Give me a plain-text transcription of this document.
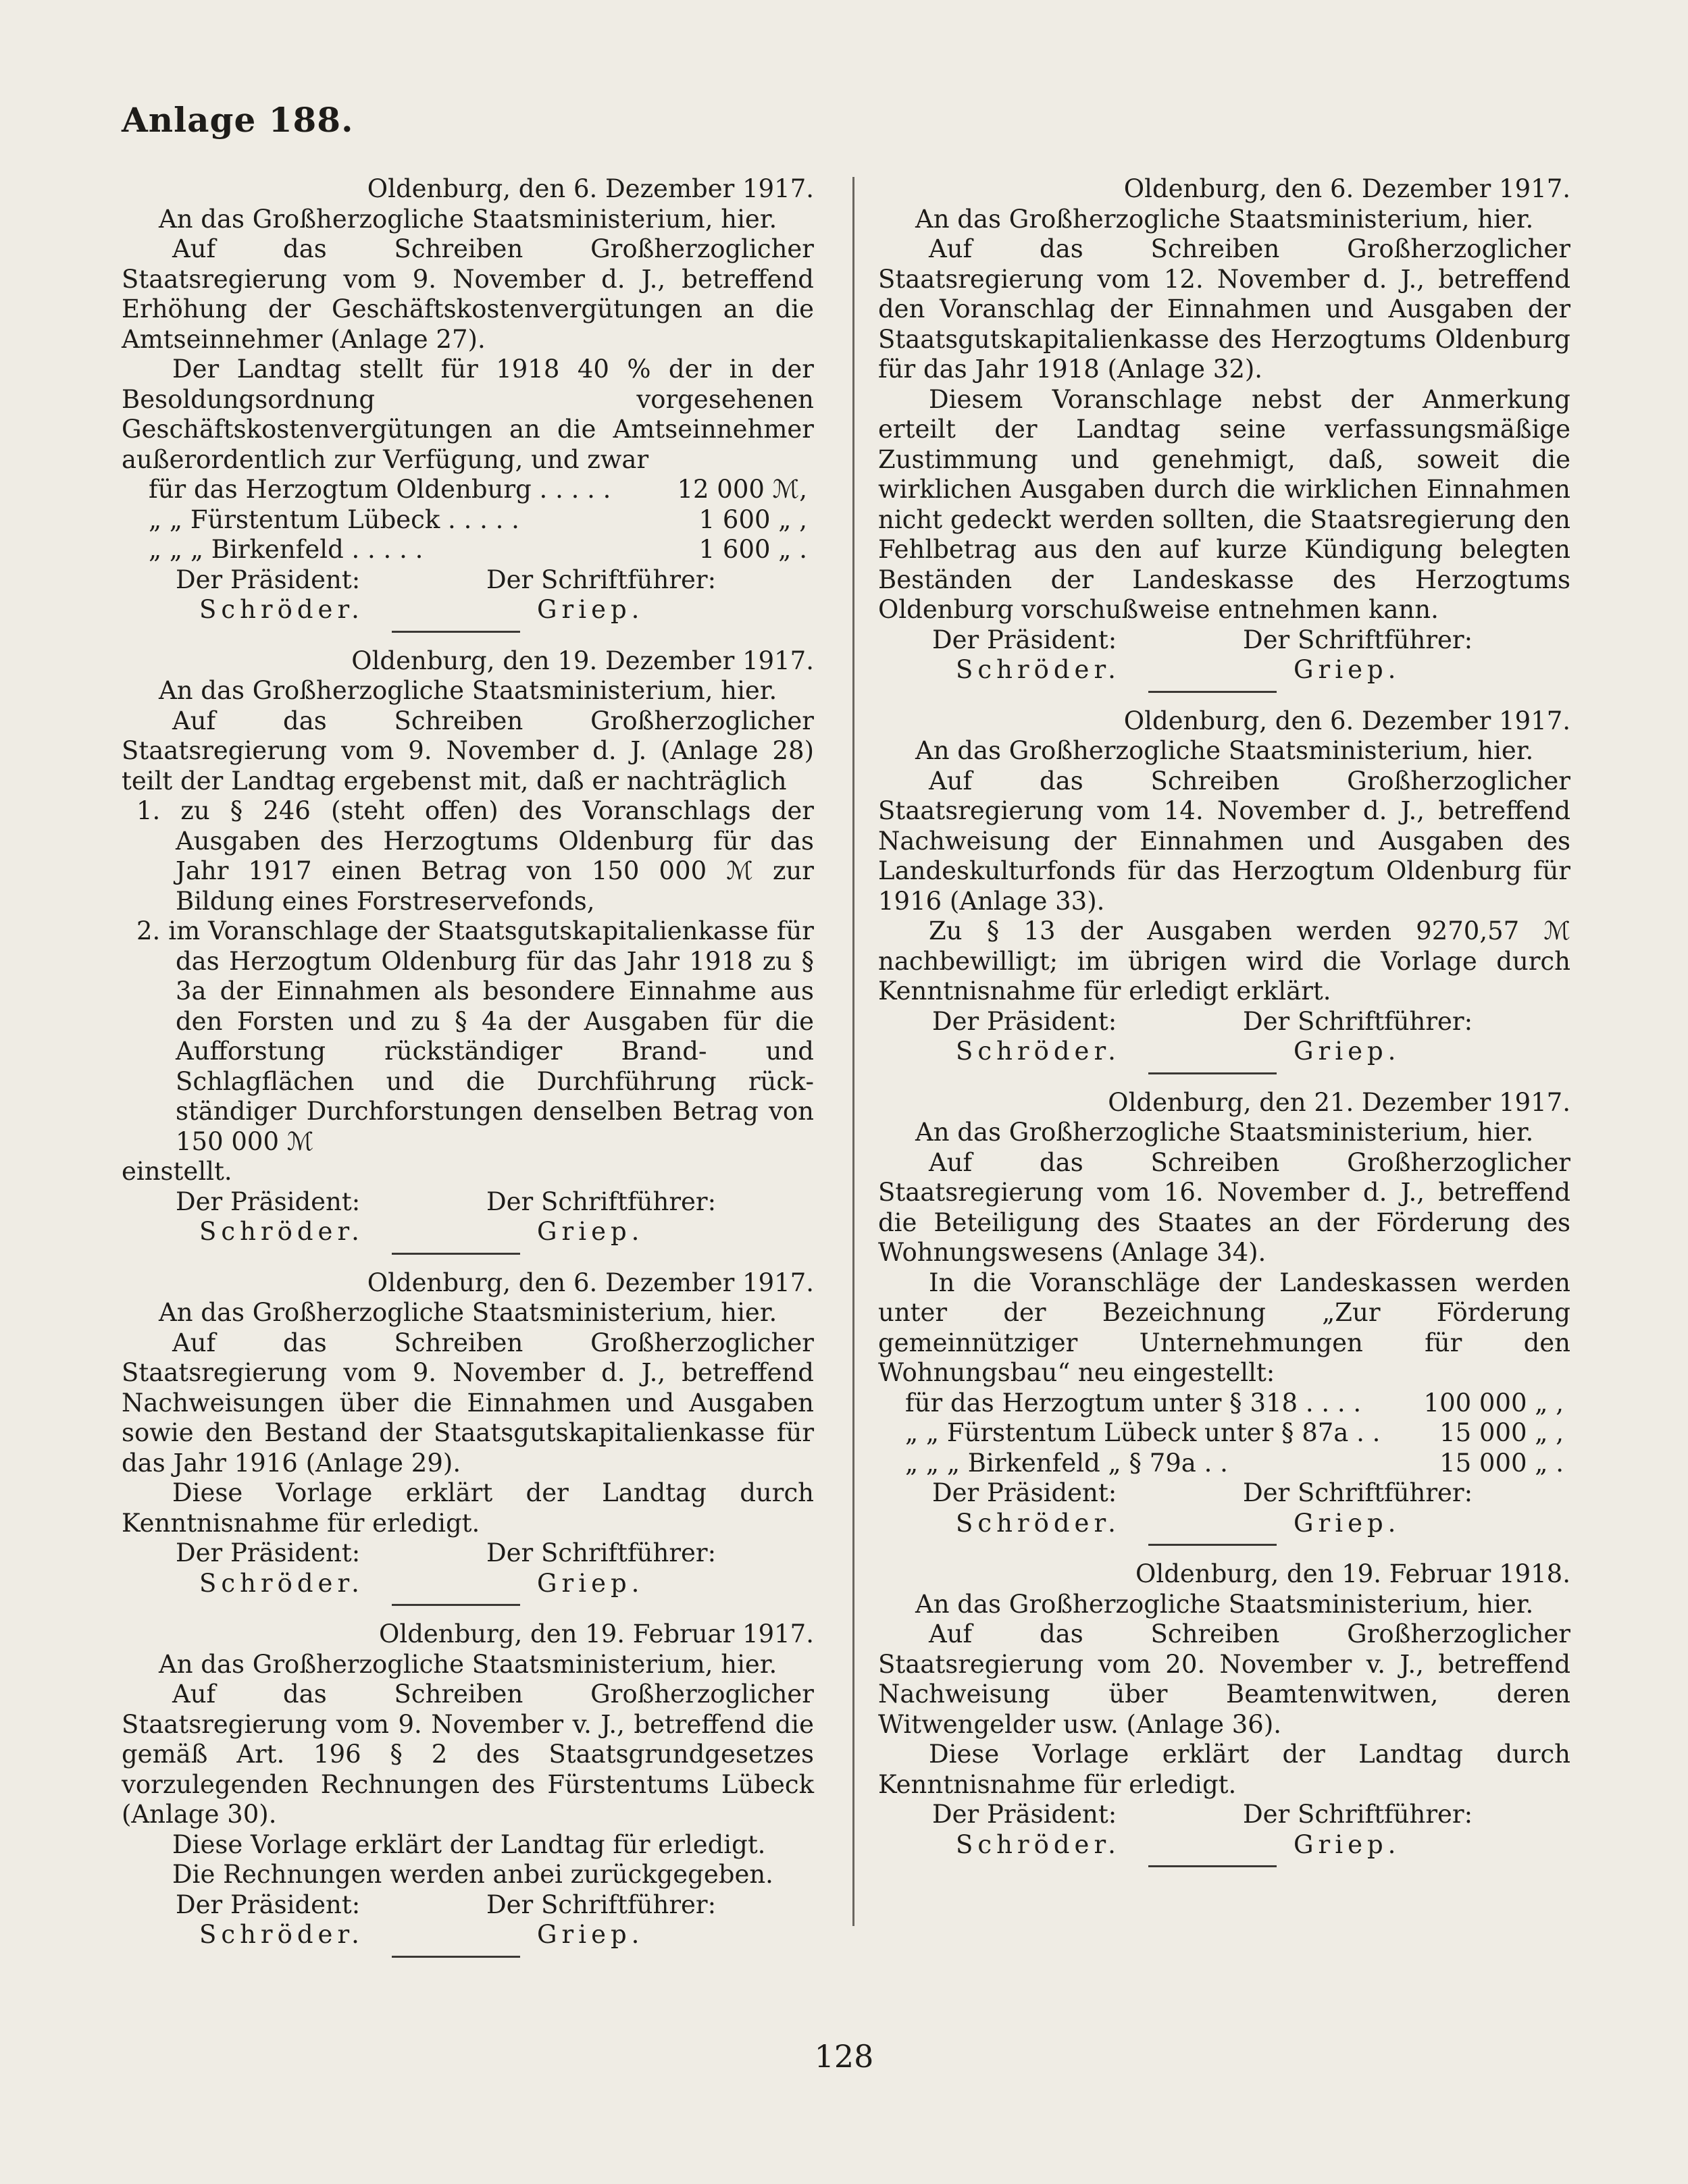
Anlage 188.
Oldenburg, den 6. Dezember 1917.
An das Großherzogliche Staatsministerium, hier.

Auf das Schreiben Großherzoglicher Staatsregierung vom 9. November d. J., betreffend Erhöhung der Geschäftskostenvergütungen an die Amtseinnehmer (Anlage 27).

Der Landtag stellt für 1918 40 % der in der Besoldungsordnung vorgesehenen Geschäftskostenvergütungen an die Amtseinnehmer außerordentlich zur Verfügung, und zwar

für das Herzogtum Oldenburg . . . . .	12 000 ℳ,
„ „ Fürstentum Lübeck . . . . .	1 600 „ ,
„ „ „ Birkenfeld . . . . .	1 600 „ .
Der Präsident:	Der Schriftführer:
Schröder.	Griep.
Oldenburg, den 19. Dezember 1917.
An das Großherzogliche Staatsministerium, hier.

Auf das Schreiben Großherzoglicher Staatsregierung vom 9. November d. J. (Anlage 28) teilt der Landtag ergebenst mit, daß er nachträglich

1. zu § 246 (steht offen) des Voranschlags der Ausgaben des Herzogtums Oldenburg für das Jahr 1917 einen Betrag von 150 000 ℳ zur Bildung eines Forstreservefonds,

2. im Voranschlage der Staatsgutskapitalienkasse für das Herzogtum Oldenburg für das Jahr 1918 zu § 3a der Einnahmen als besondere Einnahme aus den Forsten und zu § 4a der Ausgaben für die Aufforstung rückständiger Brand- und Schlagflächen und die Durchführung rückständiger Durchforstungen denselben Betrag von 150 000 ℳ

einstellt.

Der Präsident:	Der Schriftführer:
Schröder.	Griep.
Oldenburg, den 6. Dezember 1917.
An das Großherzogliche Staatsministerium, hier.

Auf das Schreiben Großherzoglicher Staatsregierung vom 9. November d. J., betreffend Nachweisungen über die Einnahmen und Ausgaben sowie den Bestand der Staatsgutskapitalienkasse für das Jahr 1916 (Anlage 29).

Diese Vorlage erklärt der Landtag durch Kenntnisnahme für erledigt.

Der Präsident:	Der Schriftführer:
Schröder.	Griep.
Oldenburg, den 19. Februar 1917.
An das Großherzogliche Staatsministerium, hier.

Auf das Schreiben Großherzoglicher Staatsregierung vom 9. November v. J., betreffend die gemäß Art. 196 § 2 des Staatsgrundgesetzes vorzulegenden Rechnungen des Fürstentums Lübeck (Anlage 30).

Diese Vorlage erklärt der Landtag für erledigt.

Die Rechnungen werden anbei zurückgegeben.

Der Präsident:	Der Schriftführer:
Schröder.	Griep.
Oldenburg, den 6. Dezember 1917.
An das Großherzogliche Staatsministerium, hier.

Auf das Schreiben Großherzoglicher Staatsregierung vom 12. November d. J., betreffend den Voranschlag der Einnahmen und Ausgaben der Staatsgutskapitalienkasse des Herzogtums Oldenburg für das Jahr 1918 (Anlage 32).

Diesem Voranschlage nebst der Anmerkung erteilt der Landtag seine verfassungsmäßige Zustimmung und genehmigt, daß, soweit die wirklichen Ausgaben durch die wirklichen Einnahmen nicht gedeckt werden sollten, die Staatsregierung den Fehlbetrag aus den auf kurze Kündigung belegten Beständen der Landeskasse des Herzogtums Oldenburg vorschußweise entnehmen kann.

Der Präsident:	Der Schriftführer:
Schröder.	Griep.
Oldenburg, den 6. Dezember 1917.
An das Großherzogliche Staatsministerium, hier.

Auf das Schreiben Großherzoglicher Staatsregierung vom 14. November d. J., betreffend Nachweisung der Einnahmen und Ausgaben des Landeskulturfonds für das Herzogtum Oldenburg für 1916 (Anlage 33).

Zu § 13 der Ausgaben werden 9270,57 ℳ nachbewilligt; im übrigen wird die Vorlage durch Kenntnisnahme für erledigt erklärt.

Der Präsident:	Der Schriftführer:
Schröder.	Griep.
Oldenburg, den 21. Dezember 1917.
An das Großherzogliche Staatsministerium, hier.

Auf das Schreiben Großherzoglicher Staatsregierung vom 16. November d. J., betreffend die Beteiligung des Staates an der Förderung des Wohnungswesens (Anlage 34).

In die Voranschläge der Landeskassen werden unter der Bezeichnung „Zur Förderung gemeinnütziger Unternehmungen für den Wohnungsbau“ neu eingestellt:

für das Herzogtum unter § 318 . . . .	100 000 „ ,
„ „ Fürstentum Lübeck unter § 87a . .	15 000 „ ,
„ „ „ Birkenfeld „ § 79a . .	15 000 „ .
Der Präsident:	Der Schriftführer:
Schröder.	Griep.
Oldenburg, den 19. Februar 1918.
An das Großherzogliche Staatsministerium, hier.

Auf das Schreiben Großherzoglicher Staatsregierung vom 20. November v. J., betreffend Nachweisung über Beamtenwitwen, deren Witwengelder usw. (Anlage 36).

Diese Vorlage erklärt der Landtag durch Kenntnisnahme für erledigt.

Der Präsident:	Der Schriftführer:
Schröder.	Griep.
128
